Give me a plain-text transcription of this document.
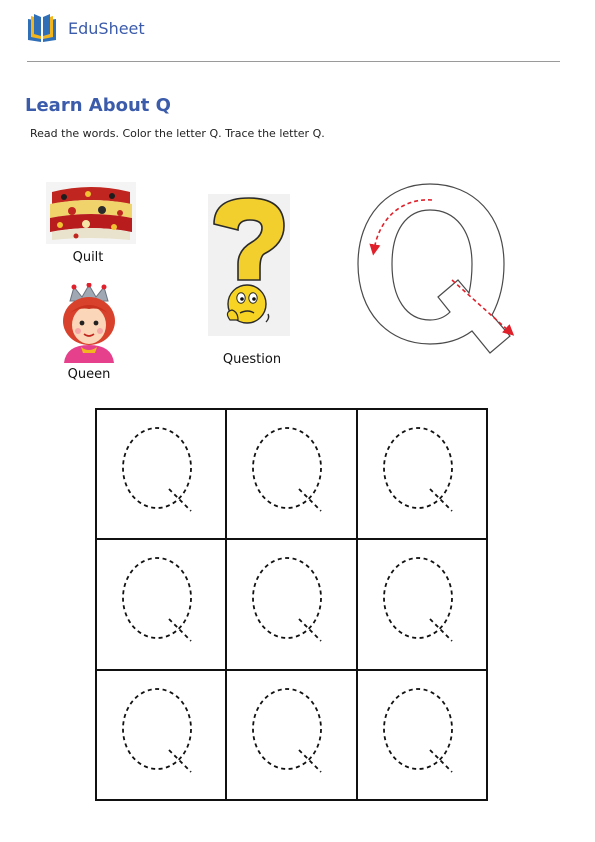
EduSheet
Learn About Q
Read the words. Color the letter Q. Trace the letter Q.
Quilt
Queen
Question
